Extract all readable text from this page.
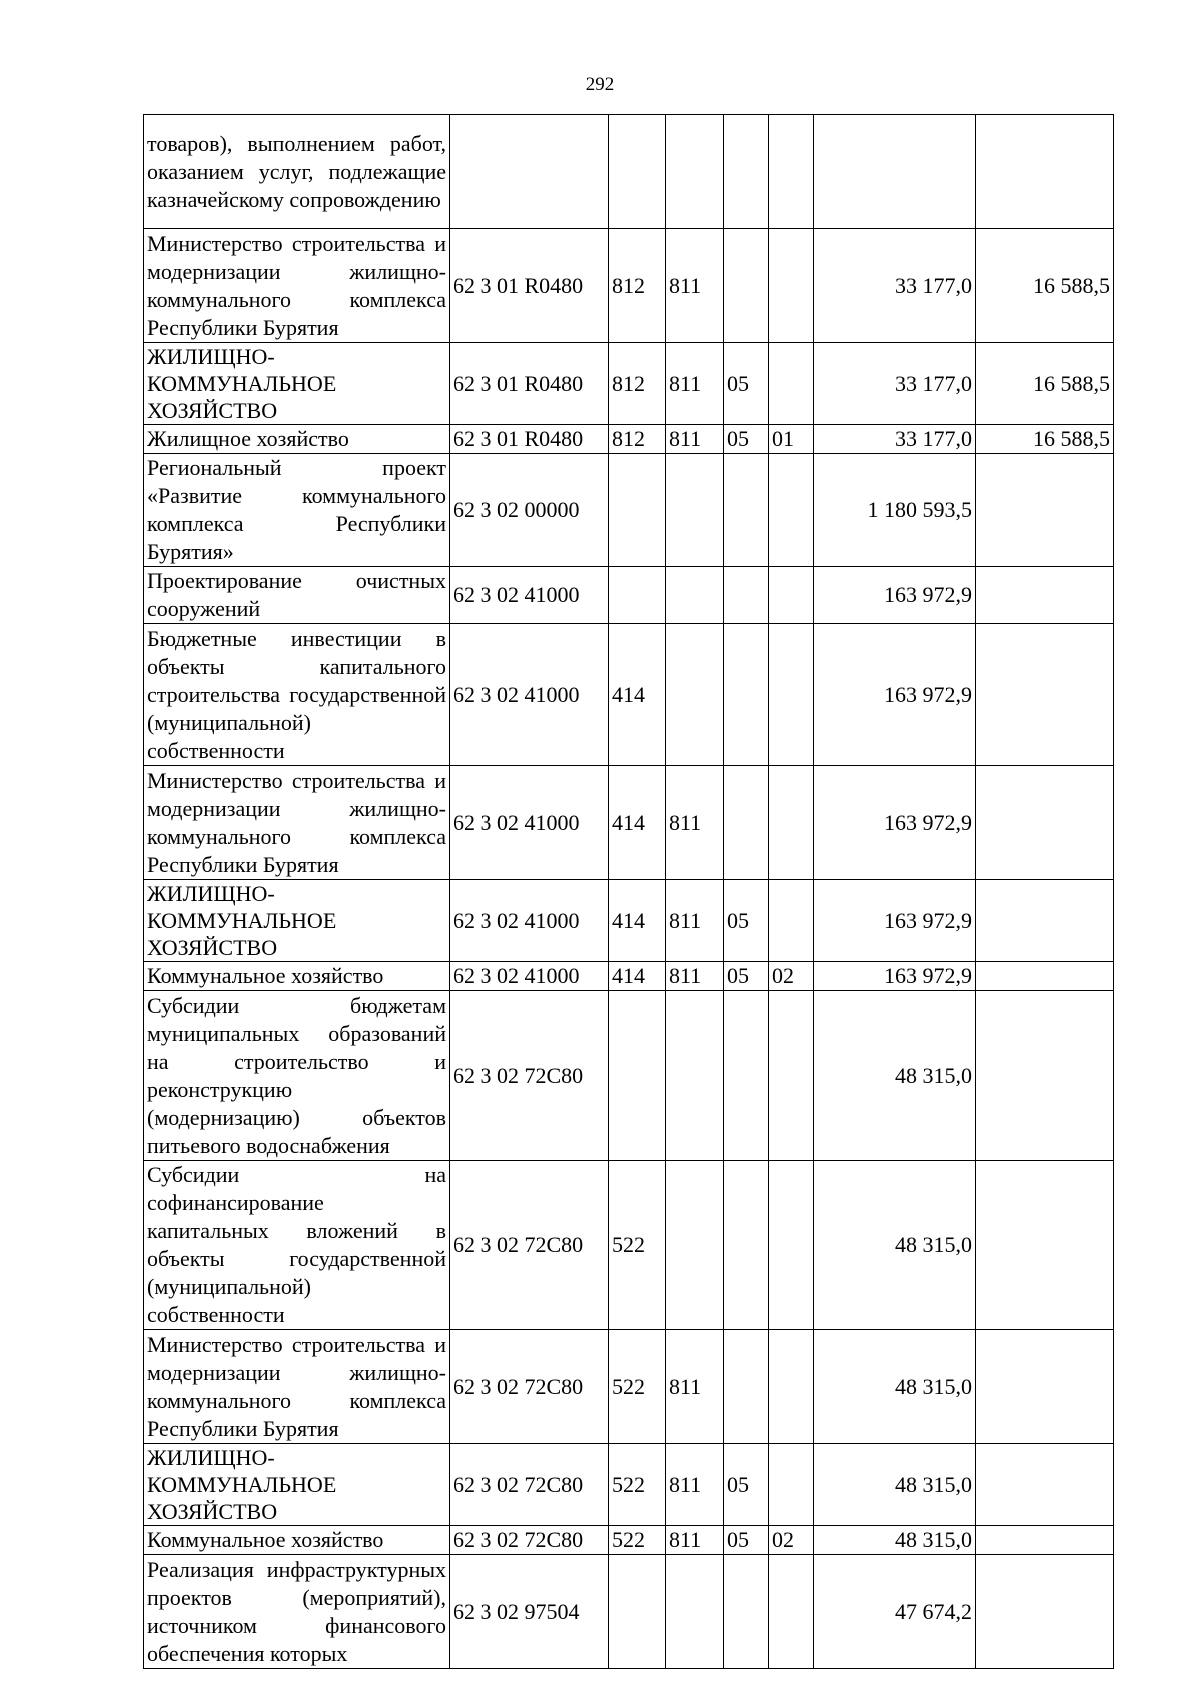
292
товаров), выполнением работ, оказанием услуг, подлежащие казначейскому сопровождению							
Министерство строительства и модернизации жилищно-коммунального комплекса Республики Бурятия	62 3 01 R0480	812	811			33 177,0	16 588,5
ЖИЛИЩНО-КОММУНАЛЬНОЕ ХОЗЯЙСТВО	62 3 01 R0480	812	811	05		33 177,0	16 588,5
Жилищное хозяйство	62 3 01 R0480	812	811	05	01	33 177,0	16 588,5
Региональный проект «Развитие коммунального комплекса Республики Бурятия»	62 3 02 00000					1 180 593,5	
Проектирование очистных сооружений	62 3 02 41000					163 972,9	
Бюджетные инвестиции в объекты капитального строительства государственной (муниципальной) собственности	62 3 02 41000	414				163 972,9	
Министерство строительства и модернизации жилищно-коммунального комплекса Республики Бурятия	62 3 02 41000	414	811			163 972,9	
ЖИЛИЩНО-КОММУНАЛЬНОЕ ХОЗЯЙСТВО	62 3 02 41000	414	811	05		163 972,9	
Коммунальное хозяйство	62 3 02 41000	414	811	05	02	163 972,9	
Субсидии бюджетам муниципальных образований на строительство и реконструкцию (модернизацию) объектов питьевого водоснабжения	62 3 02 72С80					48 315,0	
Субсидии на софинансирование капитальных вложений в объекты государственной (муниципальной) собственности	62 3 02 72С80	522				48 315,0	
Министерство строительства и модернизации жилищно-коммунального комплекса Республики Бурятия	62 3 02 72С80	522	811			48 315,0	
ЖИЛИЩНО-КОММУНАЛЬНОЕ ХОЗЯЙСТВО	62 3 02 72С80	522	811	05		48 315,0	
Коммунальное хозяйство	62 3 02 72С80	522	811	05	02	48 315,0	
Реализация инфраструктурных проектов (мероприятий), источником финансового обеспечения которых	62 3 02 97504					47 674,2	
